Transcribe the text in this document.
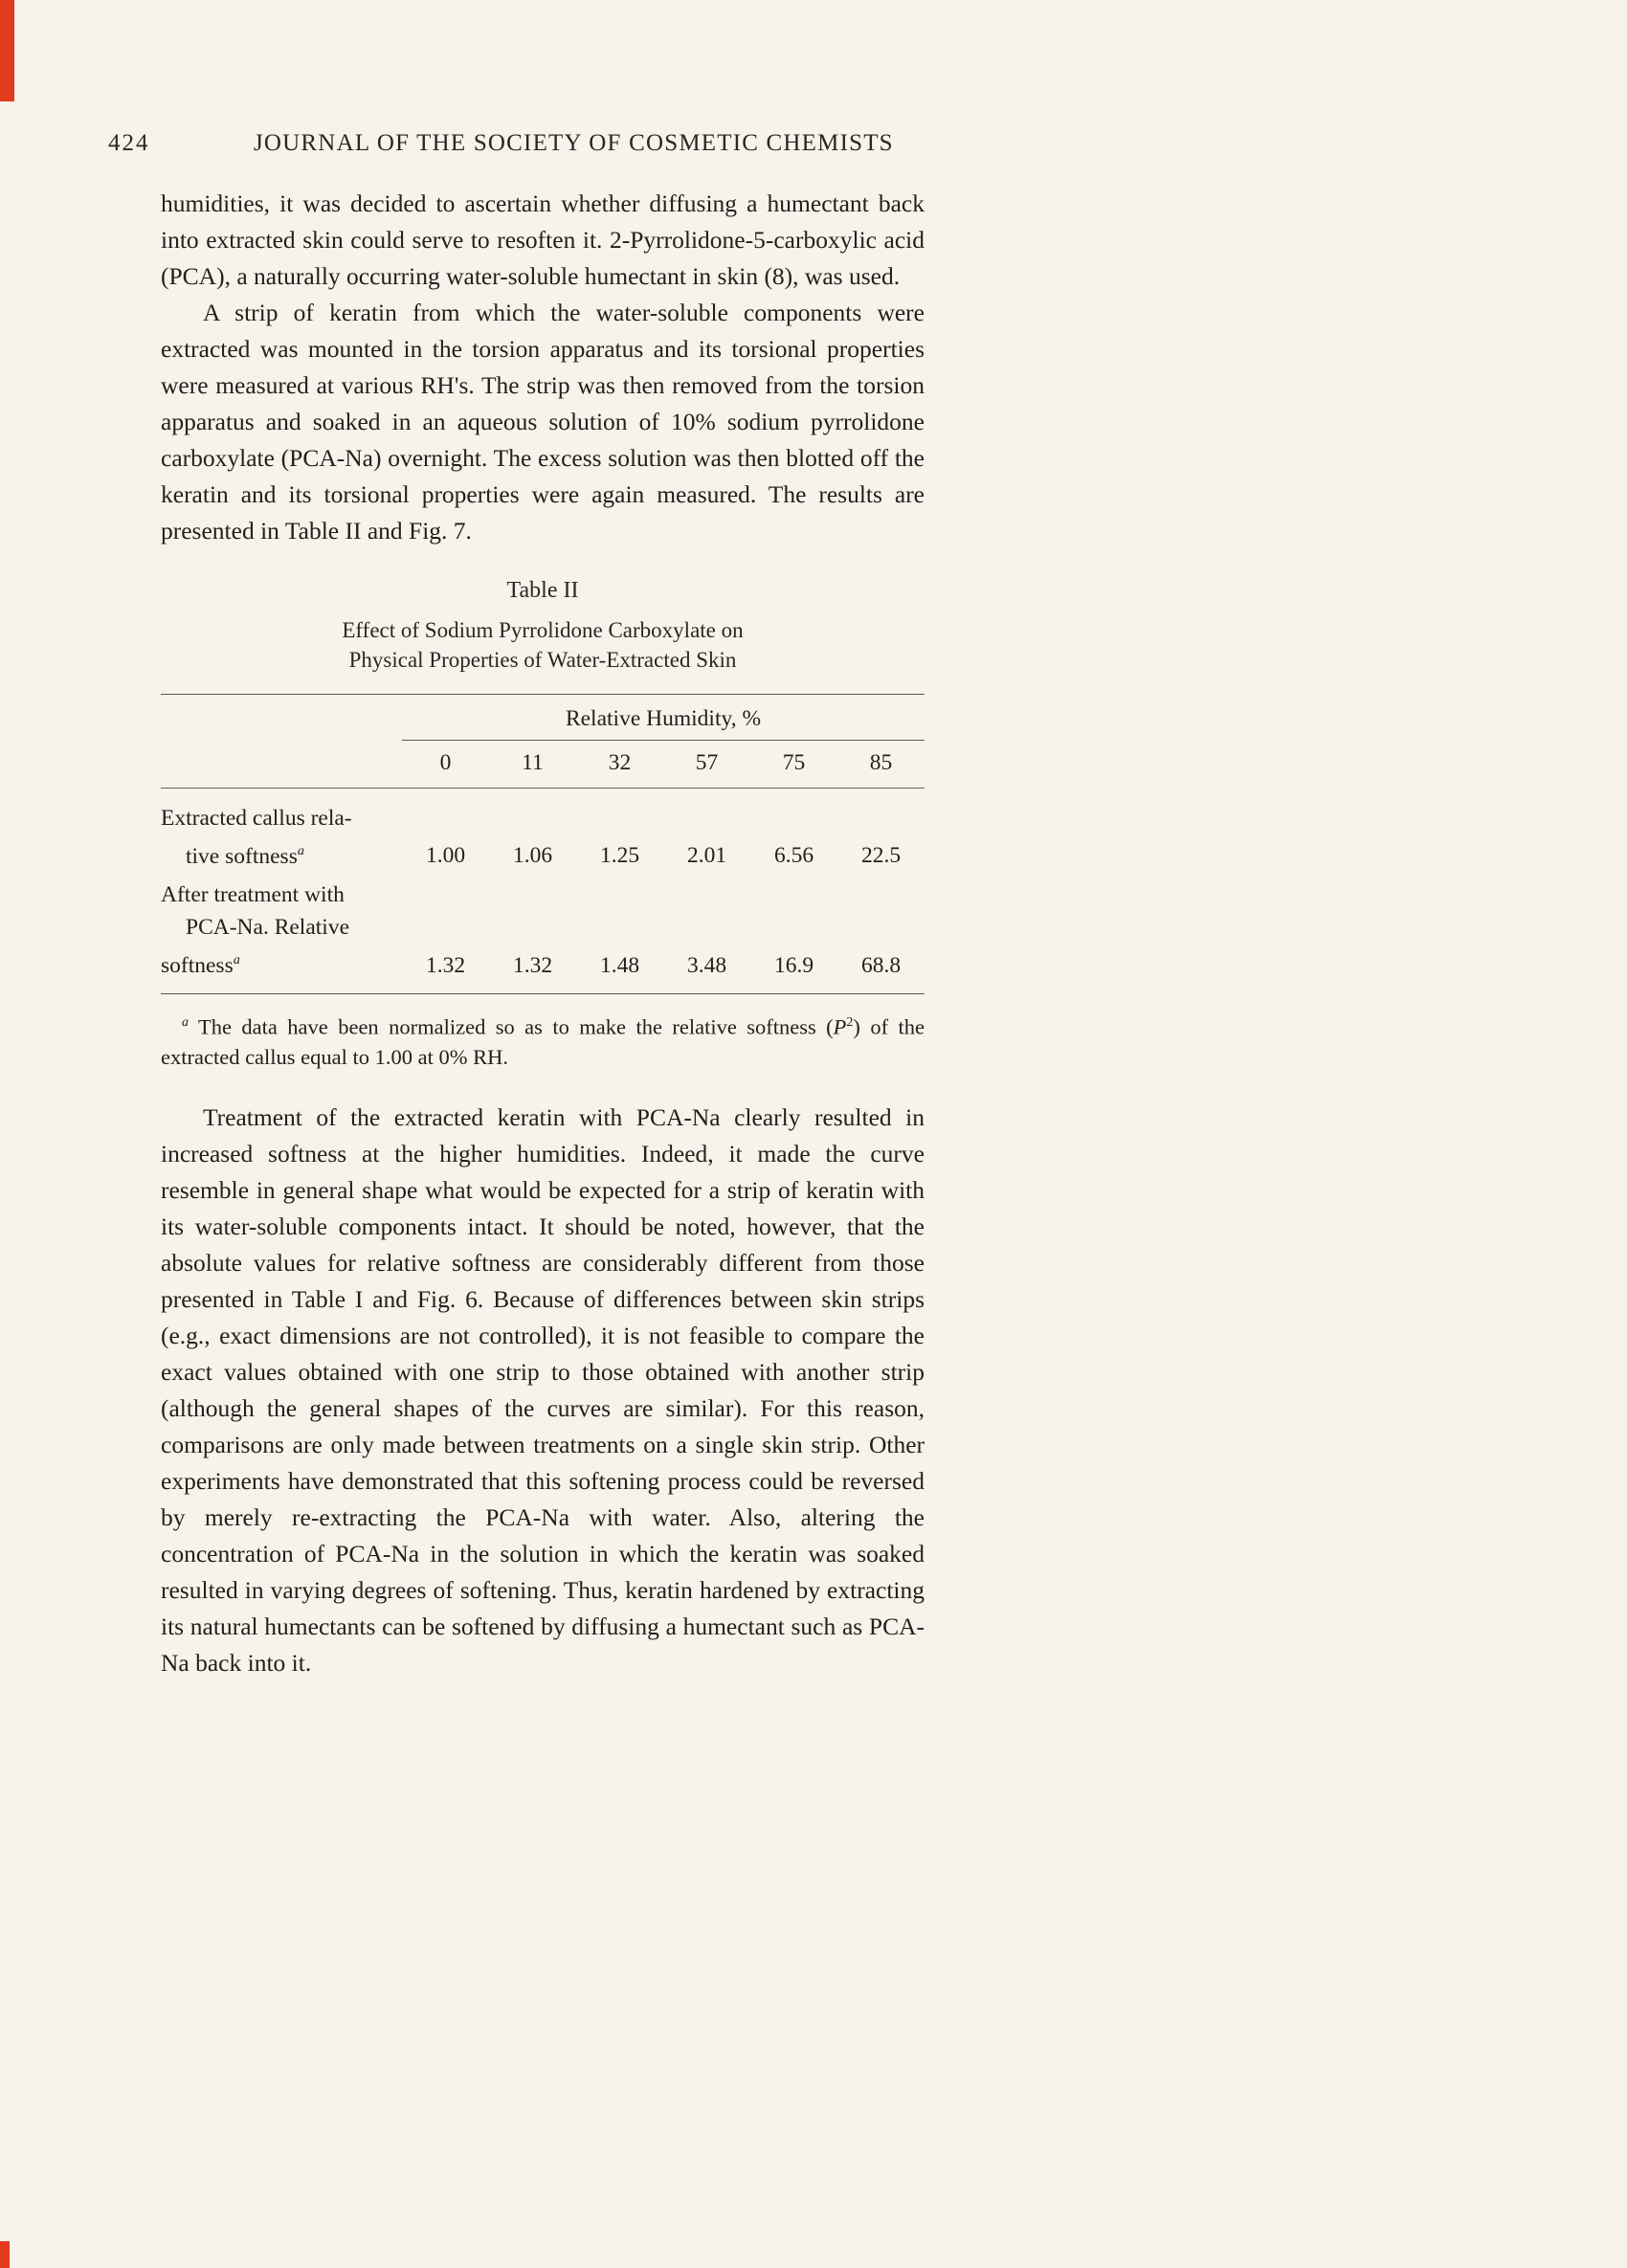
424	JOURNAL OF THE SOCIETY OF COSMETIC CHEMISTS

humidities, it was decided to ascertain whether diffusing a humectant back into extracted skin could serve to resoften it. 2-Pyrrolidone-5-carboxylic acid (PCA), a naturally occurring water-soluble humectant in skin (8), was used.

A strip of keratin from which the water-soluble components were extracted was mounted in the torsion apparatus and its torsional properties were measured at various RH's. The strip was then removed from the torsion apparatus and soaked in an aqueous solution of 10% sodium pyrrolidone carboxylate (PCA-Na) overnight. The excess solution was then blotted off the keratin and its torsional properties were again measured. The results are presented in Table II and Fig. 7.

Table II
Effect of Sodium Pyrrolidone Carboxylate on
Physical Properties of Water-Extracted Skin
Relative Humidity, %
0	11	32	57	75	85
Extracted callus rela-
tive softness$^a$	1.00	1.06	1.25	2.01	6.56	22.5
After treatment with
PCA-Na. Relative
softness$^a$	1.32	1.32	1.48	3.48	16.9	68.8

$^a$ The data have been normalized so as to make the relative softness $(P^2)$ of the extracted callus equal to 1.00 at 0% RH.

Treatment of the extracted keratin with PCA-Na clearly resulted in increased softness at the higher humidities. Indeed, it made the curve resemble in general shape what would be expected for a strip of keratin with its water-soluble components intact. It should be noted, however, that the absolute values for relative softness are considerably different from those presented in Table I and Fig. 6. Because of differences between skin strips (e.g., exact dimensions are not controlled), it is not feasible to compare the exact values obtained with one strip to those obtained with another strip (although the general shapes of the curves are similar). For this reason, comparisons are only made between treatments on a single skin strip. Other experiments have demonstrated that this softening process could be reversed by merely re-extracting the PCA-Na with water. Also, altering the concentration of PCA-Na in the solution in which the keratin was soaked resulted in varying degrees of softening. Thus, keratin hardened by extracting its natural humectants can be softened by diffusing a humectant such as PCA-Na back into it.
